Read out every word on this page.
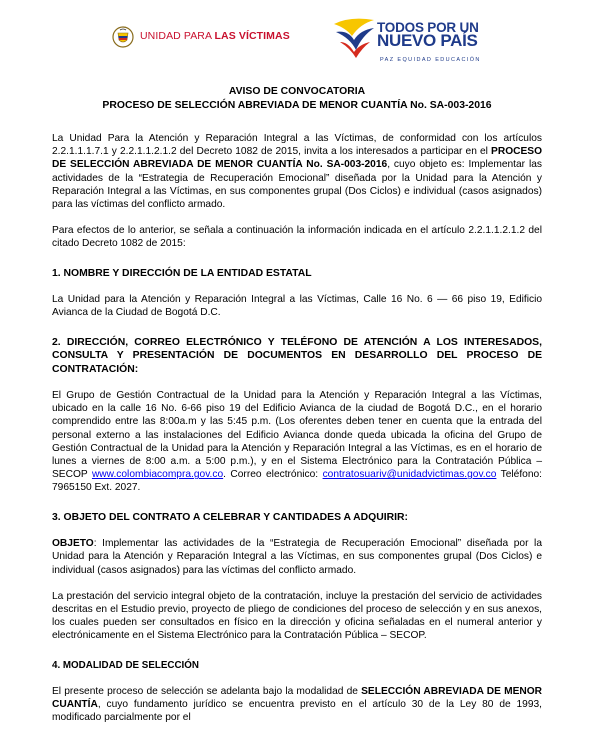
UNIDAD PARA LAS VÍCTIMAS
TODOS POR UN
NUEVO PAÍS
PAZ EQUIDAD EDUCACIÓN
AVISO DE CONVOCATORIA
PROCESO DE SELECCIÓN ABREVIADA DE MENOR CUANTÍA No. SA-003-2016

La Unidad Para la Atención y Reparación Integral a las Víctimas, de conformidad con los artículos 2.2.1.1.1.7.1 y 2.2.1.1.2.1.2 del Decreto 1082 de 2015, invita a los interesados a participar en el PROCESO DE SELECCIÓN ABREVIADA DE MENOR CUANTÍA No. SA-003-2016, cuyo objeto es: Implementar las actividades de la “Estrategia de Recuperación Emocional” diseñada por la Unidad para la Atención y Reparación Integral a las Víctimas, en sus componentes grupal (Dos Ciclos) e individual (casos asignados) para las víctimas del conflicto armado.

Para efectos de lo anterior, se señala a continuación la información indicada en el artículo 2.2.1.1.2.1.2 del citado Decreto 1082 de 2015:

1. NOMBRE Y DIRECCIÓN DE LA ENTIDAD ESTATAL

La Unidad para la Atención y Reparación Integral a las Víctimas, Calle 16 No. 6 — 66 piso 19, Edificio Avianca de la Ciudad de Bogotá D.C.

2. DIRECCIÓN, CORREO ELECTRÓNICO Y TELÉFONO DE ATENCIÓN A LOS INTERESADOS, CONSULTA Y PRESENTACIÓN DE DOCUMENTOS EN DESARROLLO DEL PROCESO DE CONTRATACIÓN:

El Grupo de Gestión Contractual de la Unidad para la Atención y Reparación Integral a las Víctimas, ubicado en la calle 16 No. 6-66 piso 19 del Edificio Avianca de la ciudad de Bogotá D.C., en el horario comprendido entre las 8:00a.m y las 5:45 p.m. (Los oferentes deben tener en cuenta que la entrada del personal externo a las instalaciones del Edificio Avianca donde queda ubicada la oficina del Grupo de Gestión Contractual de la Unidad para la Atención y Reparación Integral a las Víctimas, es en el horario de lunes a viernes de 8:00 a.m. a 5:00 p.m.), y en el Sistema Electrónico para la Contratación Pública – SECOP www.colombiacompra.gov.co. Correo electrónico: contratosuariv@unidadvictimas.gov.co Teléfono: 7965150 Ext. 2027.

3. OBJETO DEL CONTRATO A CELEBRAR Y CANTIDADES A ADQUIRIR:

OBJETO: Implementar las actividades de la “Estrategia de Recuperación Emocional” diseñada por la Unidad para la Atención y Reparación Integral a las Víctimas, en sus componentes grupal (Dos Ciclos) e individual (casos asignados) para las víctimas del conflicto armado.

La prestación del servicio integral objeto de la contratación, incluye la prestación del servicio de actividades descritas en el Estudio previo, proyecto de pliego de condiciones del proceso de selección y en sus anexos, los cuales pueden ser consultados en físico en la dirección y oficina señaladas en el numeral anterior y electrónicamente en el Sistema Electrónico para la Contratación Pública – SECOP.

4. MODALIDAD DE SELECCIÓN

El presente proceso de selección se adelanta bajo la modalidad de SELECCIÓN ABREVIADA DE MENOR CUANTÍA, cuyo fundamento jurídico se encuentra previsto en el artículo 30 de la Ley 80 de 1993, modificado parcialmente por el
